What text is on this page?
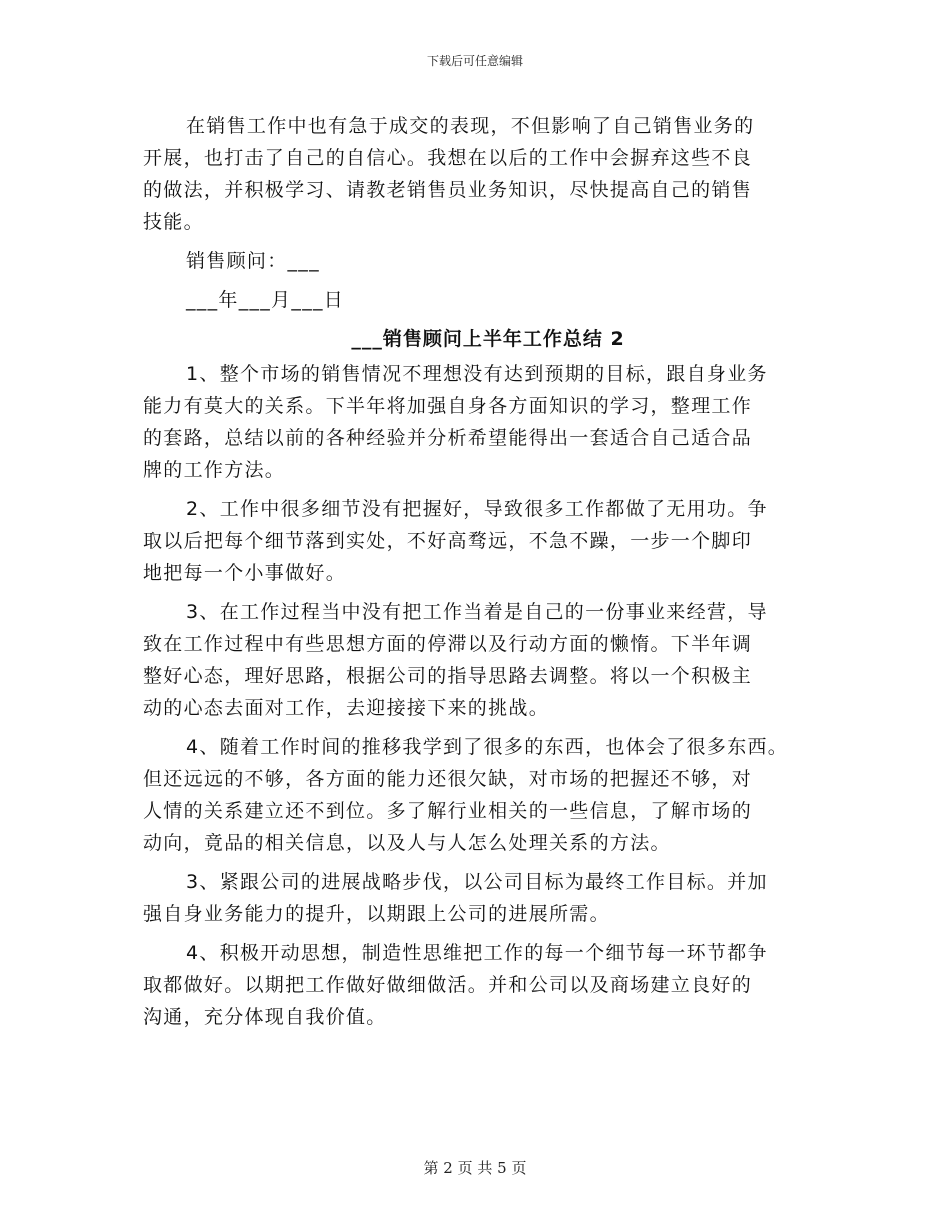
下载后可任意编辑

在销售工作中也有急于成交的表现，不但影响了自己销售业务的
开展，也打击了自己的自信心。我想在以后的工作中会摒弃这些不良
的做法，并积极学习、请教老销售员业务知识，尽快提高自己的销售
技能。

销售顾问：___

___年___月___日

___销售顾问上半年工作总结 2

1、整个市场的销售情况不理想没有达到预期的目标，跟自身业务
能力有莫大的关系。下半年将加强自身各方面知识的学习，整理工作
的套路，总结以前的各种经验并分析希望能得出一套适合自己适合品
牌的工作方法。

2、工作中很多细节没有把握好，导致很多工作都做了无用功。争
取以后把每个细节落到实处，不好高骛远，不急不躁，一步一个脚印
地把每一个小事做好。

3、在工作过程当中没有把工作当着是自己的一份事业来经营，导
致在工作过程中有些思想方面的停滞以及行动方面的懒惰。下半年调
整好心态，理好思路，根据公司的指导思路去调整。将以一个积极主
动的心态去面对工作，去迎接接下来的挑战。

4、随着工作时间的推移我学到了很多的东西，也体会了很多东西。
但还远远的不够，各方面的能力还很欠缺，对市场的把握还不够，对
人情的关系建立还不到位。多了解行业相关的一些信息，了解市场的
动向，竟品的相关信息，以及人与人怎么处理关系的方法。

3、紧跟公司的进展战略步伐，以公司目标为最终工作目标。并加
强自身业务能力的提升，以期跟上公司的进展所需。

4、积极开动思想，制造性思维把工作的每一个细节每一环节都争
取都做好。以期把工作做好做细做活。并和公司以及商场建立良好的
沟通，充分体现自我价值。

第 2 页 共 5 页
